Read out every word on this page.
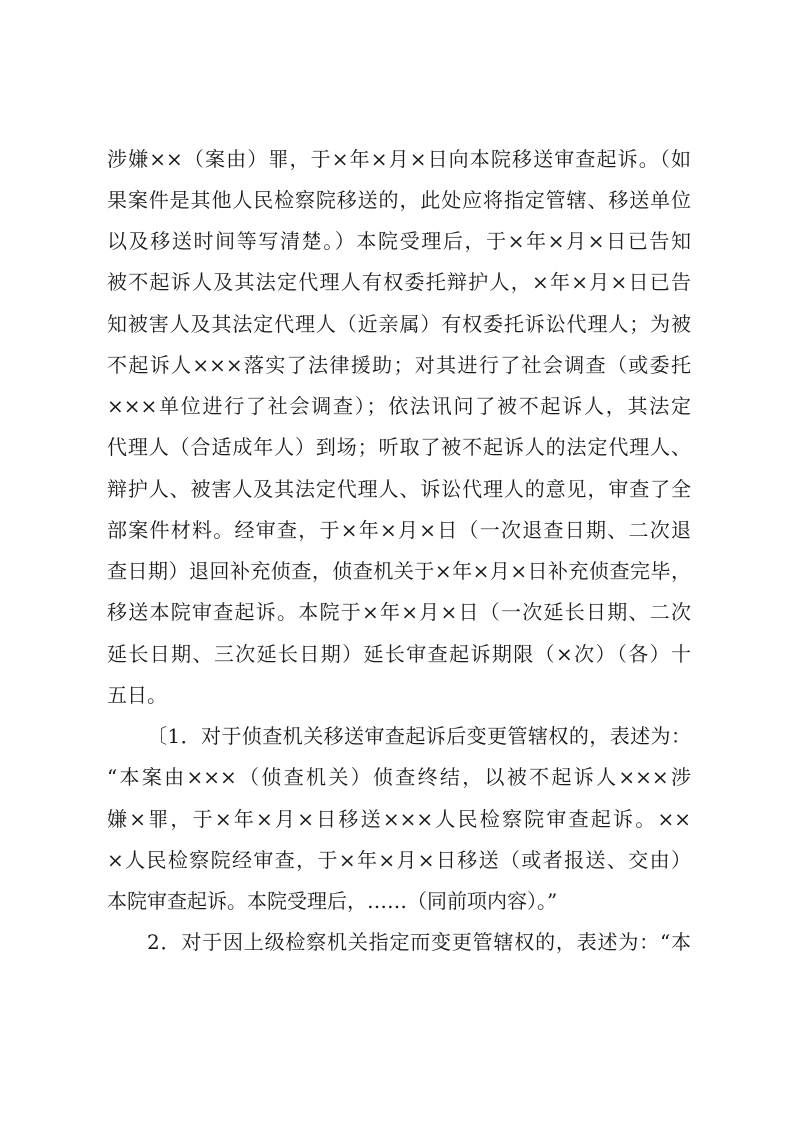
涉嫌××（案由）罪，于×年×月×日向本院移送审查起诉。（如
果案件是其他人民检察院移送的，此处应将指定管辖、移送单位
以及移送时间等写清楚。）本院受理后，于×年×月×日已告知
被不起诉人及其法定代理人有权委托辩护人，×年×月×日已告
知被害人及其法定代理人（近亲属）有权委托诉讼代理人；为被
不起诉人×××落实了法律援助；对其进行了社会调查（或委托
×××单位进行了社会调查）；依法讯问了被不起诉人，其法定
代理人（合适成年人）到场；听取了被不起诉人的法定代理人、
辩护人、被害人及其法定代理人、诉讼代理人的意见，审查了全
部案件材料。经审查，于×年×月×日（一次退查日期、二次退
查日期）退回补充侦查，侦查机关于×年×月×日补充侦查完毕，
移送本院审查起诉。本院于×年×月×日（一次延长日期、二次
延长日期、三次延长日期）延长审查起诉期限（×次）（各）十
五日。
〔1．对于侦查机关移送审查起诉后变更管辖权的，表述为：
“本案由×××（侦查机关）侦查终结，以被不起诉人×××涉
嫌×罪，于×年×月×日移送×××人民检察院审查起诉。××
×人民检察院经审查，于×年×月×日移送（或者报送、交由）
本院审查起诉。本院受理后，……（同前项内容）。”
2．对于因上级检察机关指定而变更管辖权的，表述为：“本
